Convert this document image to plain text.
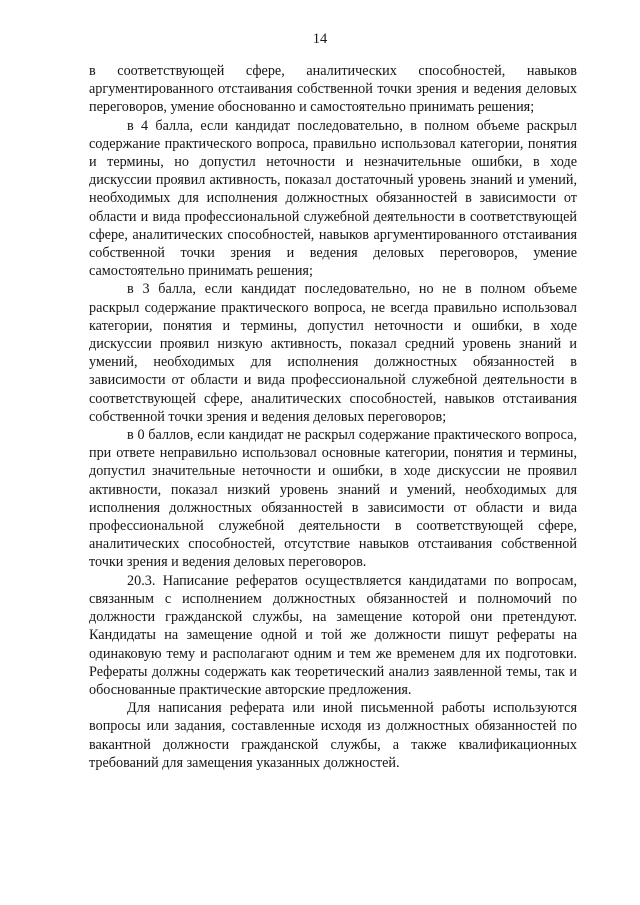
14

в соответствующей сфере, аналитических способностей, навыков аргументированного отстаивания собственной точки зрения и ведения деловых переговоров, умение обоснованно и самостоятельно принимать решения;

в 4 балла, если кандидат последовательно, в полном объеме раскрыл содержание практического вопроса, правильно использовал категории, понятия и термины, но допустил неточности и незначительные ошибки, в ходе дискуссии проявил активность, показал достаточный уровень знаний и умений, необходимых для исполнения должностных обязанностей в зависимости от области и вида профессиональной служебной деятельности в соответствующей сфере, аналитических способностей, навыков аргументированного отстаивания собственной точки зрения и ведения деловых переговоров, умение самостоятельно принимать решения;

в 3 балла, если кандидат последовательно, но не в полном объеме раскрыл содержание практического вопроса, не всегда правильно использовал категории, понятия и термины, допустил неточности и ошибки, в ходе дискуссии проявил низкую активность, показал средний уровень знаний и умений, необходимых для исполнения должностных обязанностей в зависимости от области и вида профессиональной служебной деятельности в соответствующей сфере, аналитических способностей, навыков отстаивания собственной точки зрения и ведения деловых переговоров;

в 0 баллов, если кандидат не раскрыл содержание практического вопроса, при ответе неправильно использовал основные категории, понятия и термины, допустил значительные неточности и ошибки, в ходе дискуссии не проявил активности, показал низкий уровень знаний и умений, необходимых для исполнения должностных обязанностей в зависимости от области и вида профессиональной служебной деятельности в соответствующей сфере, аналитических способностей, отсутствие навыков отстаивания собственной точки зрения и ведения деловых переговоров.

20.3. Написание рефератов осуществляется кандидатами по вопросам, связанным с исполнением должностных обязанностей и полномочий по должности гражданской службы, на замещение которой они претендуют. Кандидаты на замещение одной и той же должности пишут рефераты на одинаковую тему и располагают одним и тем же временем для их подготовки. Рефераты должны содержать как теоретический анализ заявленной темы, так и обоснованные практические авторские предложения.

Для написания реферата или иной письменной работы используются вопросы или задания, составленные исходя из должностных обязанностей по вакантной должности гражданской службы, а также квалификационных требований для замещения указанных должностей.
